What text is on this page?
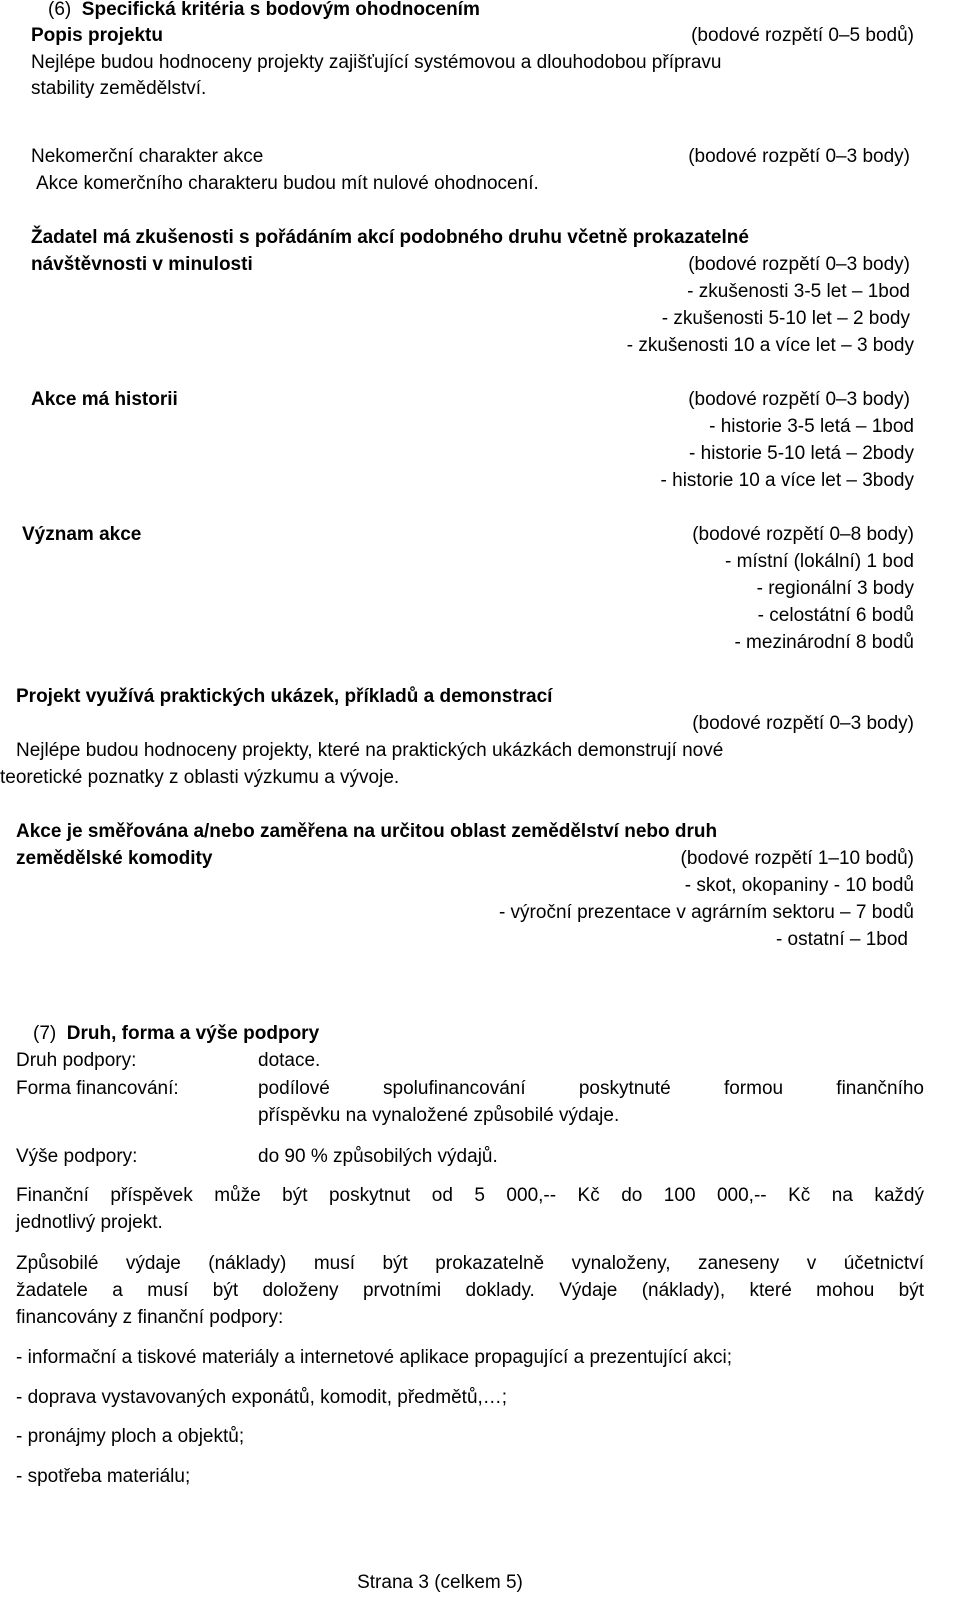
(6) Specifická kritéria s bodovým ohodnocením
Popis projektu	(bodové rozpětí 0–5 bodů)
Nejlépe budou hodnoceny projekty zajišťující systémovou a dlouhodobou přípravu
stability zemědělství.
Nekomerční charakter akce	(bodové rozpětí 0–3 body)
Akce komerčního charakteru budou mít nulové ohodnocení.
Žadatel má zkušenosti s pořádáním akcí podobného druhu včetně prokazatelné
návštěvnosti v minulosti	(bodové rozpětí 0–3 body)
- zkušenosti 3-5 let – 1bod
- zkušenosti 5-10 let – 2 body
- zkušenosti 10 a více let – 3 body
Akce má historii	(bodové rozpětí 0–3 body)
- historie 3-5 letá – 1bod
- historie 5-10 letá – 2body
- historie 10 a více let – 3body
Význam akce	(bodové rozpětí 0–8 body)
- místní (lokální) 1 bod
- regionální 3 body
- celostátní 6 bodů
- mezinárodní 8 bodů
Projekt využívá praktických ukázek, příkladů a demonstrací
(bodové rozpětí 0–3 body)
Nejlépe budou hodnoceny projekty, které na praktických ukázkách demonstrují nové
teoretické poznatky z oblasti výzkumu a vývoje.
Akce je směřována a/nebo zaměřena na určitou oblast zemědělství nebo druh
zemědělské komodity	(bodové rozpětí 1–10 bodů)
- skot, okopaniny - 10 bodů
- výroční prezentace v agrárním sektoru – 7 bodů
- ostatní – 1bod
(7) Druh, forma a výše podpory
Druh podpory:	dotace.
Forma financování:	podílové spolufinancování poskytnuté formou finančního
příspěvku na vynaložené způsobilé výdaje.
Výše podpory:	do 90 % způsobilých výdajů.
Finanční příspěvek může být poskytnut od 5 000,-- Kč do 100 000,-- Kč na každý
jednotlivý projekt.
Způsobilé výdaje (náklady) musí být prokazatelně vynaloženy, zaneseny v účetnictví
žadatele a musí být doloženy prvotními doklady. Výdaje (náklady), které mohou být
financovány z finanční podpory:
- informační a tiskové materiály a internetové aplikace propagující a prezentující akci;
- doprava vystavovaných exponátů, komodit, předmětů,…;
- pronájmy ploch a objektů;
- spotřeba materiálu;
Strana 3 (celkem 5)
